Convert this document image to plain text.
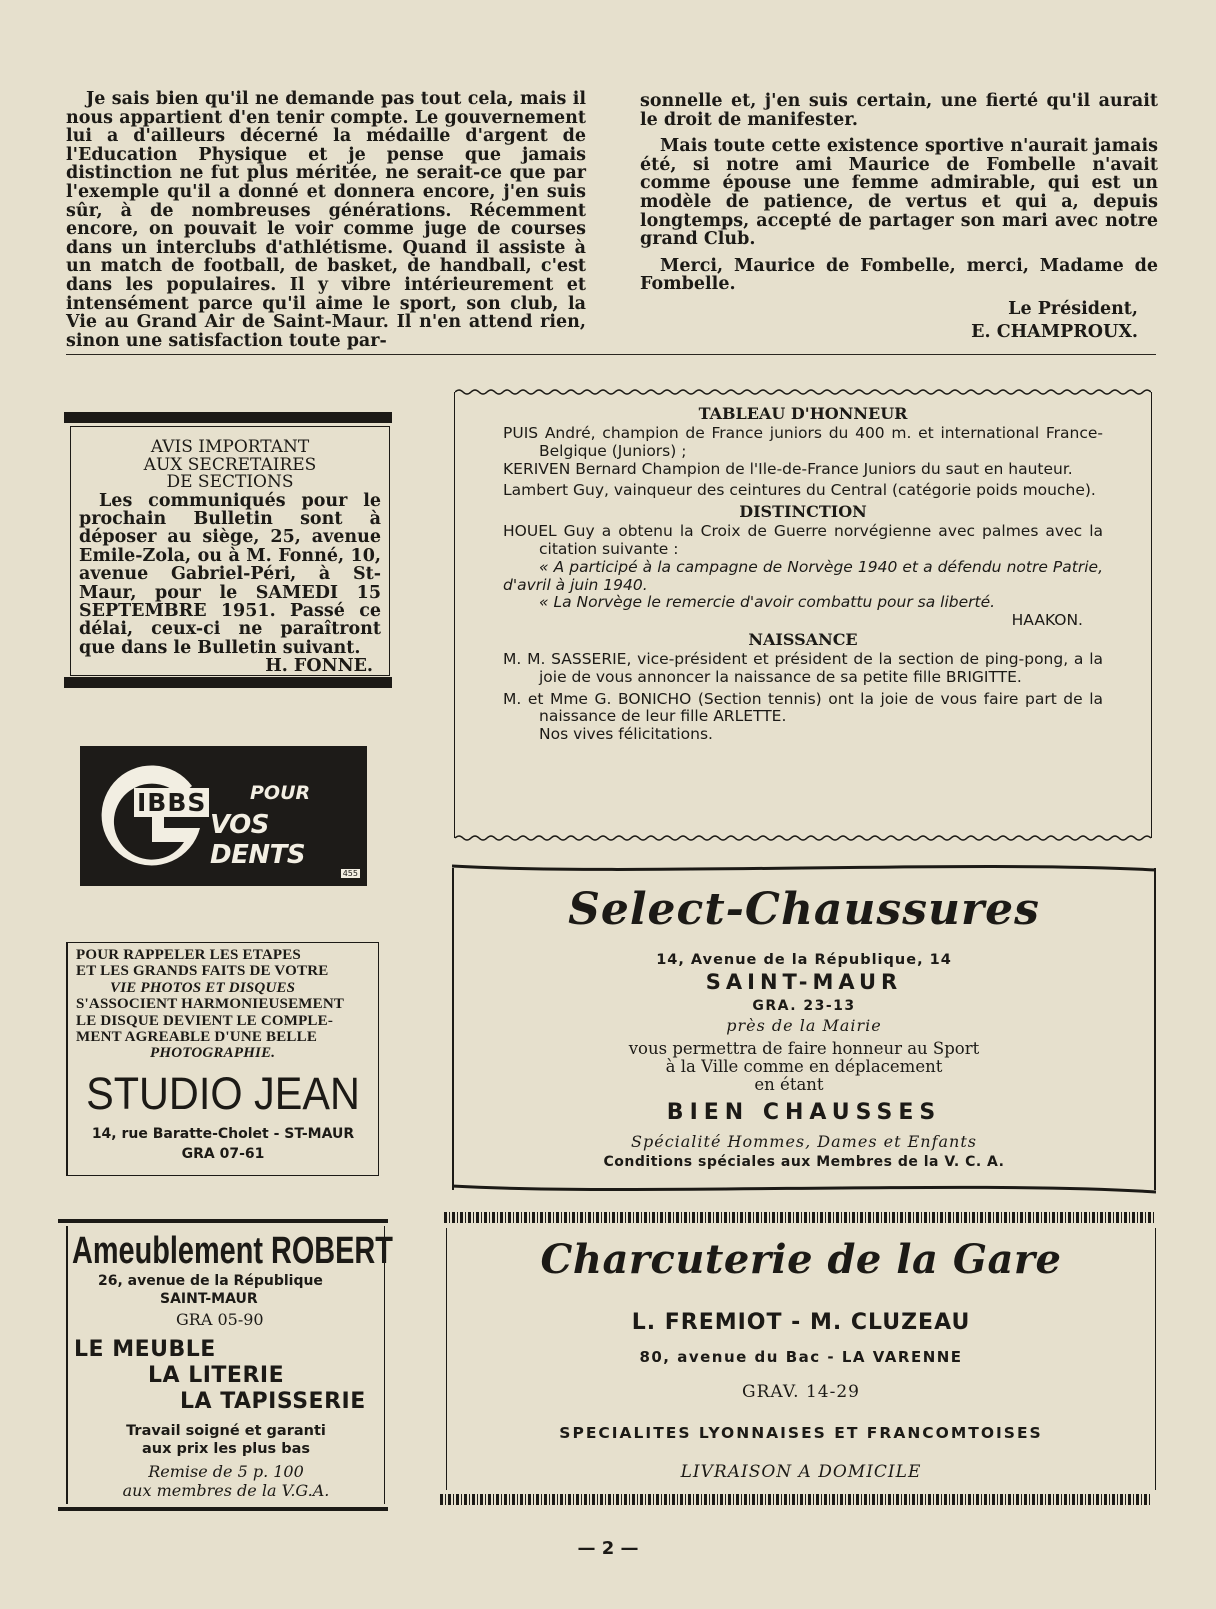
Je sais bien qu'il ne demande pas tout cela, mais il nous appartient d'en tenir compte. Le gouvernement lui a d'ailleurs décerné la médaille d'argent de l'Education Physique et je pense que jamais distinction ne fut plus méritée, ne serait-ce que par l'exemple qu'il a donné et donnera encore, j'en suis sûr, à de nombreuses générations. Récemment encore, on pouvait le voir comme juge de courses dans un interclubs d'athlétisme. Quand il assiste à un match de football, de basket, de handball, c'est dans les populaires. Il y vibre intérieurement et intensément parce qu'il aime le sport, son club, la Vie au Grand Air de Saint-Maur. Il n'en attend rien, sinon une satisfaction toute par-

sonnelle et, j'en suis certain, une fierté qu'il aurait le droit de manifester.

Mais toute cette existence sportive n'aurait jamais été, si notre ami Maurice de Fombelle n'avait comme épouse une femme admirable, qui est un modèle de patience, de vertus et qui a, depuis longtemps, accepté de partager son mari avec notre grand Club.

Merci, Maurice de Fombelle, merci, Madame de Fombelle.

Le Président,

E. CHAMPROUX.

AVIS IMPORTANT
AUX SECRETAIRES
DE SECTIONS
Les communiqués pour le prochain Bulletin sont à déposer au siège, 25, avenue Emile-Zola, ou à M. Fonné, 10, avenue Gabriel-Péri, à St-Maur, pour le SAMEDI 15 SEPTEMBRE 1951. Passé ce délai, ceux-ci ne paraîtront que dans le Bulletin suivant.
H. FONNE.
IBBS POUR
VOS DENTS
455
POUR RAPPELER LES ETAPES
ET LES GRANDS FAITS DE VOTRE
VIE PHOTOS ET DISQUES
S'ASSOCIENT HARMONIEUSEMENT
LE DISQUE DEVIENT LE COMPLE-
MENT AGREABLE D'UNE BELLE
PHOTOGRAPHIE.
STUDIO JEAN
14, rue Baratte-Cholet - ST-MAUR
GRA 07-61
Ameublement ROBERT
26, avenue de la République
SAINT-MAUR
GRA 05-90
LE MEUBLE
LA LITERIE
LA TAPISSERIE
Travail soigné et garanti
aux prix les plus bas
Remise de 5 p. 100
aux membres de la V.G.A.
TABLEAU D'HONNEUR

PUIS André, champion de France juniors du 400 m. et international France-Belgique (Juniors) ;

KERIVEN Bernard Champion de l'Ile-de-France Juniors du saut en hauteur.

Lambert Guy, vainqueur des ceintures du Central (catégorie poids mouche).

DISTINCTION

HOUEL Guy a obtenu la Croix de Guerre norvégienne avec palmes avec la citation suivante :

« A participé à la campagne de Norvège 1940 et a défendu notre Patrie, d'avril à juin 1940.

« La Norvège le remercie d'avoir combattu pour sa liberté.

HAAKON.

NAISSANCE

M. M. SASSERIE, vice-président et président de la section de ping-pong, a la joie de vous annoncer la naissance de sa petite fille BRIGITTE.

M. et Mme G. BONICHO (Section tennis) ont la joie de vous faire part de la naissance de leur fille ARLETTE.

Nos vives félicitations.

Select-Chaussures
14, Avenue de la République, 14
SAINT-MAUR
GRA. 23-13
près de la Mairie
vous permettra de faire honneur au Sport
à la Ville comme en déplacement
en étant
BIEN CHAUSSES
Spécialité Hommes, Dames et Enfants
Conditions spéciales aux Membres de la V. C. A.
Charcuterie de la Gare
L. FREMIOT - M. CLUZEAU
80, avenue du Bac - LA VARENNE
GRAV. 14-29
SPECIALITES LYONNAISES ET FRANCOMTOISES
LIVRAISON A DOMICILE
— 2 —
